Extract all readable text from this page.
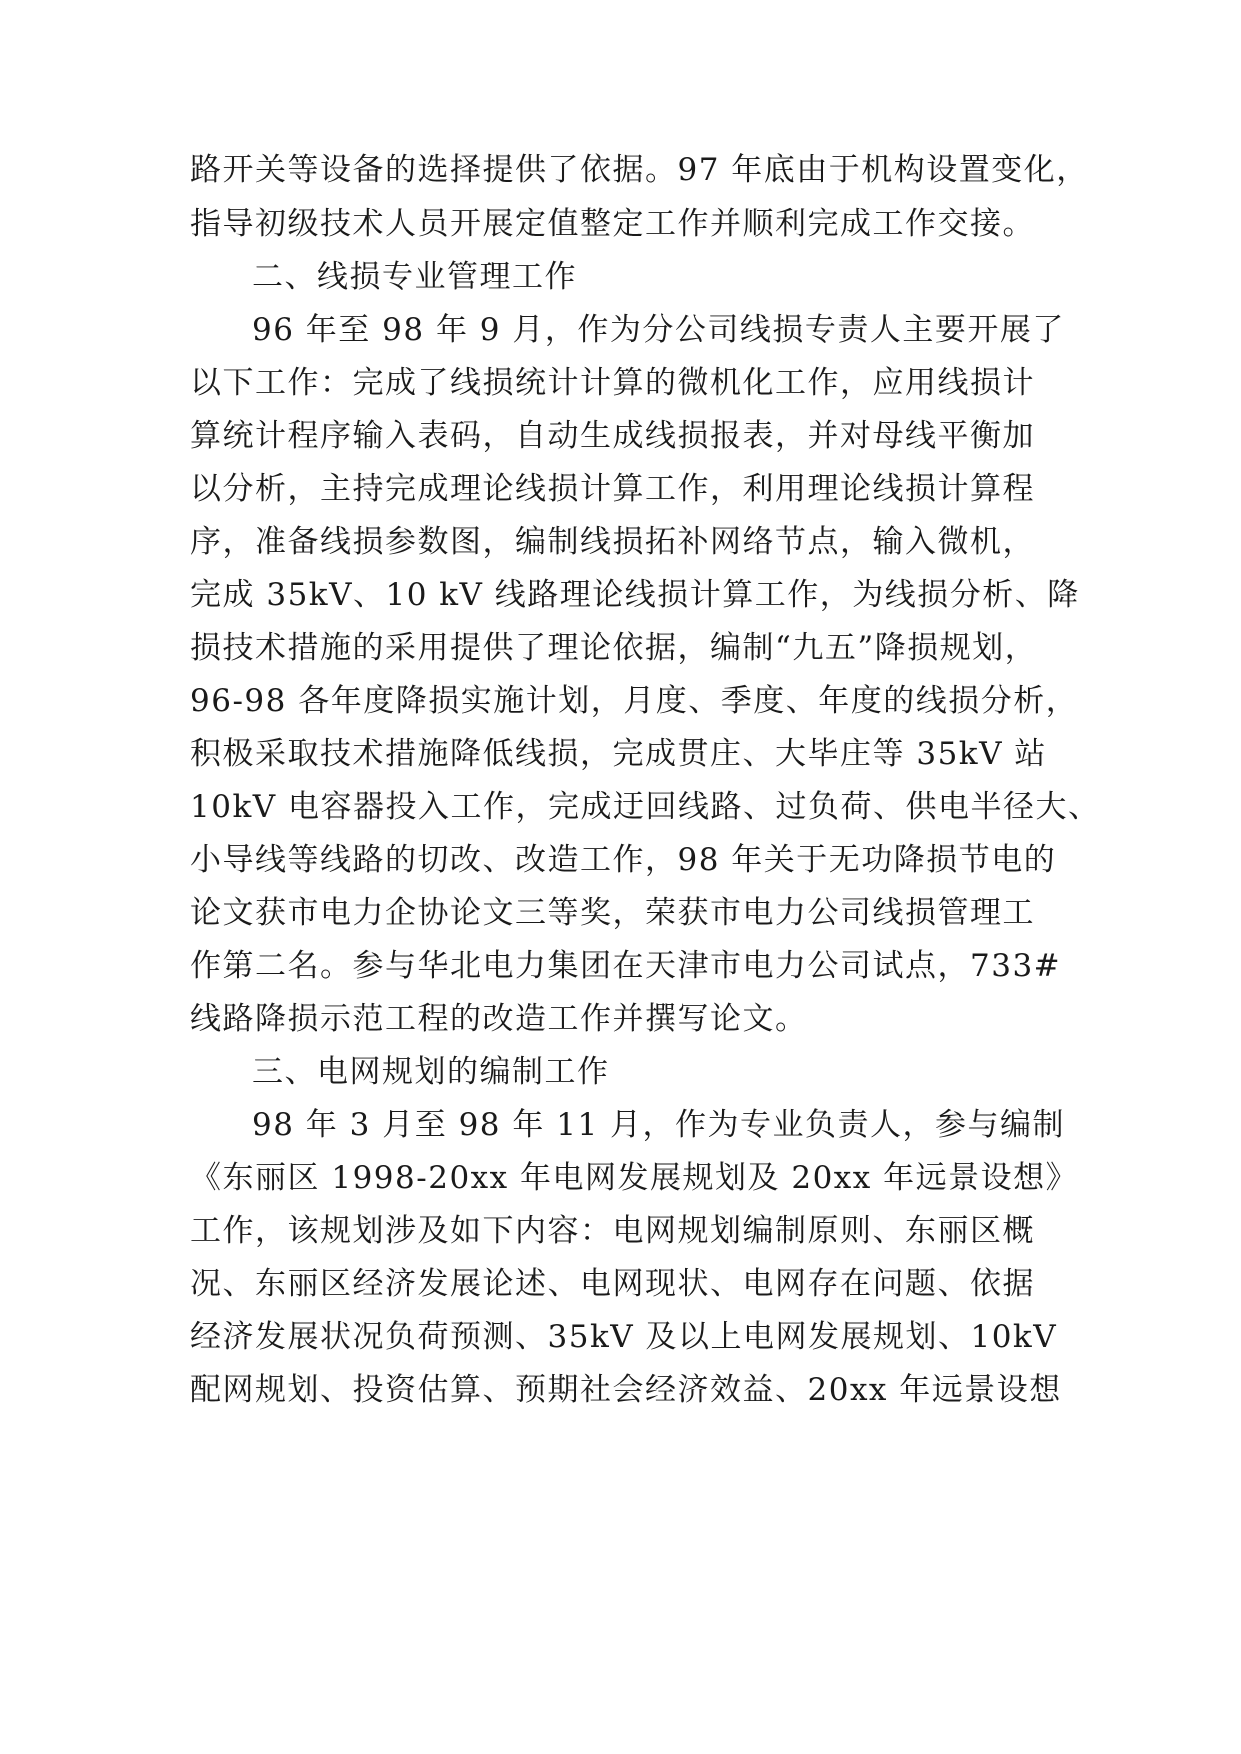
路开关等设备的选择提供了依据。97 年底由于机构设置变化，
指导初级技术人员开展定值整定工作并顺利完成工作交接。
二、线损专业管理工作
96 年至 98 年 9 月，作为分公司线损专责人主要开展了
以下工作：完成了线损统计计算的微机化工作，应用线损计
算统计程序输入表码，自动生成线损报表，并对母线平衡加
以分析，主持完成理论线损计算工作，利用理论线损计算程
序，准备线损参数图，编制线损拓补网络节点，输入微机，
完成 35kV、10 kV 线路理论线损计算工作，为线损分析、降
损技术措施的采用提供了理论依据，编制“九五”降损规划，
96-98 各年度降损实施计划，月度、季度、年度的线损分析，
积极采取技术措施降低线损，完成贯庄、大毕庄等 35kV 站
10kV 电容器投入工作，完成迂回线路、过负荷、供电半径大、
小导线等线路的切改、改造工作，98 年关于无功降损节电的
论文获市电力企协论文三等奖，荣获市电力公司线损管理工
作第二名。参与华北电力集团在天津市电力公司试点，733#
线路降损示范工程的改造工作并撰写论文。
三、电网规划的编制工作
98 年 3 月至 98 年 11 月，作为专业负责人，参与编制
《东丽区 1998-20xx 年电网发展规划及 20xx 年远景设想》
工作，该规划涉及如下内容：电网规划编制原则、东丽区概
况、东丽区经济发展论述、电网现状、电网存在问题、依据
经济发展状况负荷预测、35kV 及以上电网发展规划、10kV
配网规划、投资估算、预期社会经济效益、20xx 年远景设想
